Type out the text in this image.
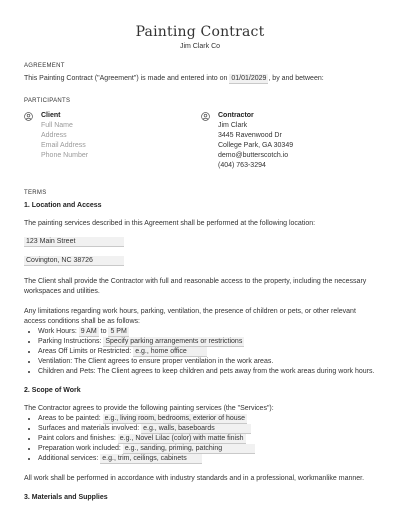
Painting Contract
Jim Clark Co
AGREEMENT
This Painting Contract ("Agreement") is made and entered into on 01/01/2029 , by and between:
PARTICIPANTS
Client
Full Name
Address
Email Address
Phone Number
Contractor
Jim Clark
3445 Ravenwood Dr
College Park, GA 30349
demo@butterscotch.io
(404) 763-3294
TERMS
1. Location and Access
The painting services described in this Agreement shall be performed at the following location:
123 Main Street
Covington, NC 38726
The Client shall provide the Contractor with full and reasonable access to the property, including the necessary workspaces and utilities.
Any limitations regarding work hours, parking, ventilation, the presence of children or pets, or other relevant access conditions shall be as follows:
• Work Hours: 9 AM to 5 PM
• Parking Instructions: Specify parking arrangements or restrictions
• Areas Off Limits or Restricted: e.g., home office
• Ventilation: The Client agrees to ensure proper ventilation in the work areas.
• Children and Pets: The Client agrees to keep children and pets away from the work areas during work hours.
2. Scope of Work
The Contractor agrees to provide the following painting services (the "Services"):
• Areas to be painted: e.g., living room, bedrooms, exterior of house
• Surfaces and materials involved: e.g., walls, baseboards
• Paint colors and finishes: e.g., Novel Lilac (color) with matte finish
• Preparation work included: e.g., sanding, priming, patching
• Additional services: e.g., trim, ceilings, cabinets
All work shall be performed in accordance with industry standards and in a professional, workmanlike manner.
3. Materials and Supplies
